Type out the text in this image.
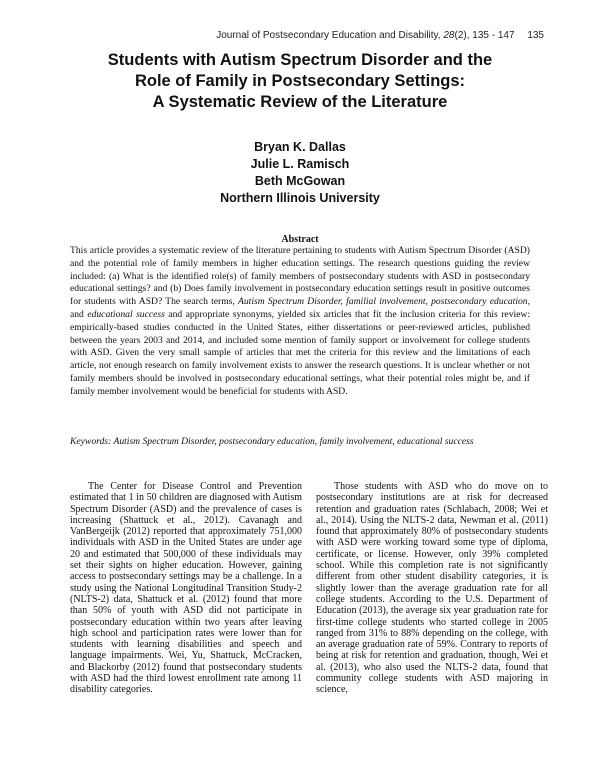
Journal of Postsecondary Education and Disability, 28(2), 135 - 147 135
Students with Autism Spectrum Disorder and the
Role of Family in Postsecondary Settings:
A Systematic Review of the Literature
Bryan K. Dallas
Julie L. Ramisch
Beth McGowan
Northern Illinois University
Abstract

This article provides a systematic review of the literature pertaining to students with Autism Spectrum Disorder (ASD) and the potential role of family members in higher education settings. The research questions guiding the review included: (a) What is the identified role(s) of family members of postsecondary students with ASD in postsecondary educational settings? and (b) Does family involvement in postsecondary education settings result in positive outcomes for students with ASD? The search terms, Autism Spectrum Disorder, familial involvement, postsecondary education, and educational success and appropriate synonyms, yielded six articles that fit the inclusion criteria for this review: empirically-based studies conducted in the United States, either dissertations or peer-reviewed articles, published between the years 2003 and 2014, and included some mention of family support or involvement for college students with ASD. Given the very small sample of articles that met the criteria for this review and the limitations of each article, not enough research on family involvement exists to answer the research questions. It is unclear whether or not family members should be involved in postsecondary educational settings, what their potential roles might be, and if family member involvement would be beneficial for students with ASD.

Keywords: Autism Spectrum Disorder, postsecondary education, family involvement, educational success

The Center for Disease Control and Prevention estimated that 1 in 50 children are diagnosed with Autism Spectrum Disorder (ASD) and the prevalence of cases is increasing (Shattuck et al., 2012). Cavanagh and VanBergeijk (2012) reported that approximately 751,000 individuals with ASD in the United States are under age 20 and estimated that 500,000 of these individuals may set their sights on higher education. However, gaining access to postsecondary settings may be a challenge. In a study using the National Longitudinal Transition Study-2 (NLTS-2) data, Shattuck et al. (2012) found that more than 50% of youth with ASD did not participate in postsecondary education within two years after leaving high school and participation rates were lower than for students with learning disabilities and speech and language impairments. Wei, Yu, Shattuck, McCracken, and Blackorby (2012) found that postsecondary students with ASD had the third lowest enrollment rate among 11 disability categories.

Those students with ASD who do move on to postsecondary institutions are at risk for decreased retention and graduation rates (Schlabach, 2008; Wei et al., 2014). Using the NLTS-2 data, Newman et al. (2011) found that approximately 80% of postsecondary students with ASD were working toward some type of diploma, certificate, or license. However, only 39% completed school. While this completion rate is not significantly different from other student disability categories, it is slightly lower than the average graduation rate for all college students. According to the U.S. Department of Education (2013), the average six year graduation rate for first-time college students who started college in 2005 ranged from 31% to 88% depending on the college, with an average graduation rate of 59%. Contrary to reports of being at risk for retention and graduation, though, Wei et al. (2013), who also used the NLTS-2 data, found that community college students with ASD majoring in science,
